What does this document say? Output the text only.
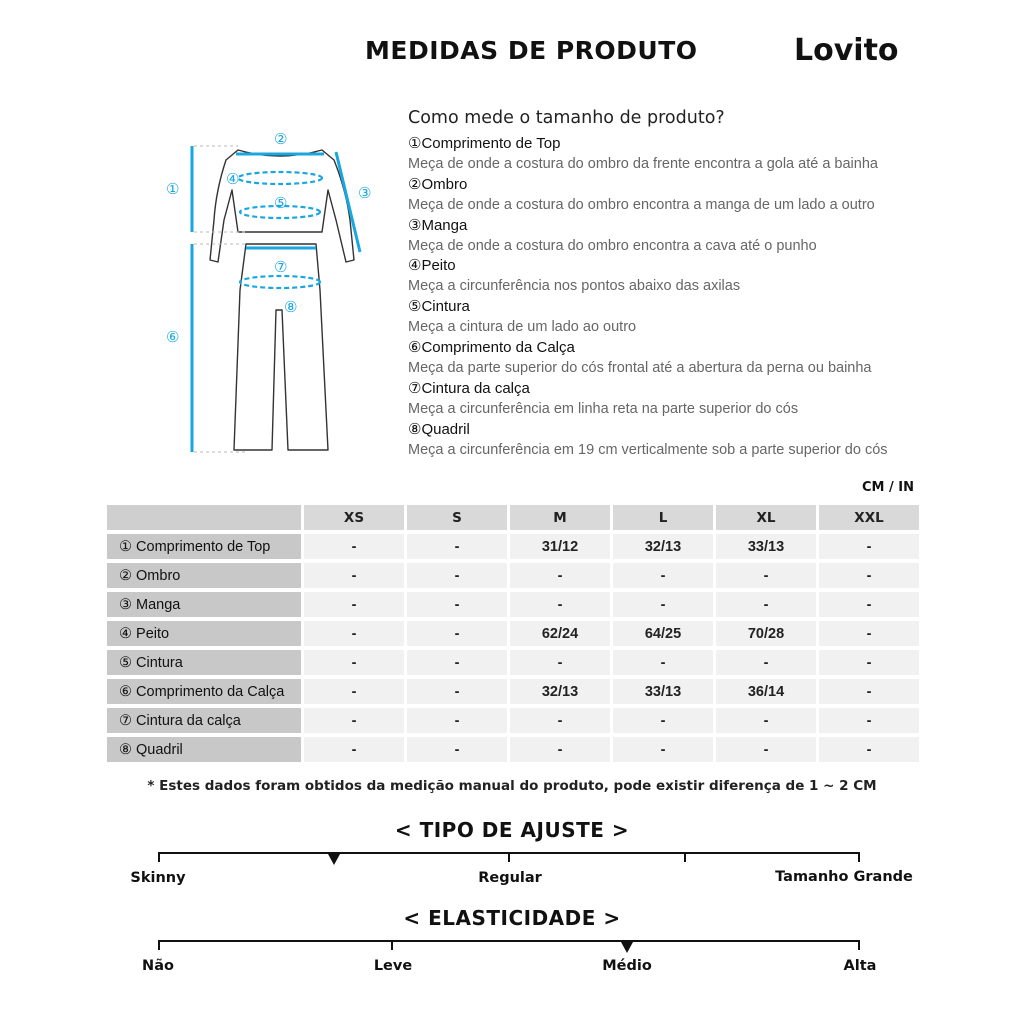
MEDIDAS DE PRODUTO	Lovito
①
②
③
④
⑤
⑥
⑦
⑧
Como mede o tamanho de produto?
①Comprimento de Top
Meça de onde a costura do ombro da frente encontra a gola até a bainha
②Ombro
Meça de onde a costura do ombro encontra a manga de um lado a outro
③Manga
Meça de onde a costura do ombro encontra a cava até o punho
④Peito
Meça a circunferência nos pontos abaixo das axilas
⑤Cintura
Meça a cintura de um lado ao outro
⑥Comprimento da Calça
Meça da parte superior do cós frontal até a abertura da perna ou bainha
⑦Cintura da calça
Meça a circunferência em linha reta na parte superior do cós
⑧Quadril
Meça a circunferência em 19 cm verticalmente sob a parte superior do cós
CM / IN
	XS	S	M	L	XL	XXL
① Comprimento de Top	-	-	31/12	32/13	33/13	-
② Ombro	-	-	-	-	-	-
③ Manga	-	-	-	-	-	-
④ Peito	-	-	62/24	64/25	70/28	-
⑤ Cintura	-	-	-	-	-	-
⑥ Comprimento da Calça	-	-	32/13	33/13	36/14	-
⑦ Cintura da calça	-	-	-	-	-	-
⑧ Quadril	-	-	-	-	-	-
* Estes dados foram obtidos da medição manual do produto, pode existir diferença de 1 ~ 2 CM
< TIPO DE AJUSTE >
Skinny	Regular	Tamanho Grande
< ELASTICIDADE >
Não	Leve	Médio	Alta
